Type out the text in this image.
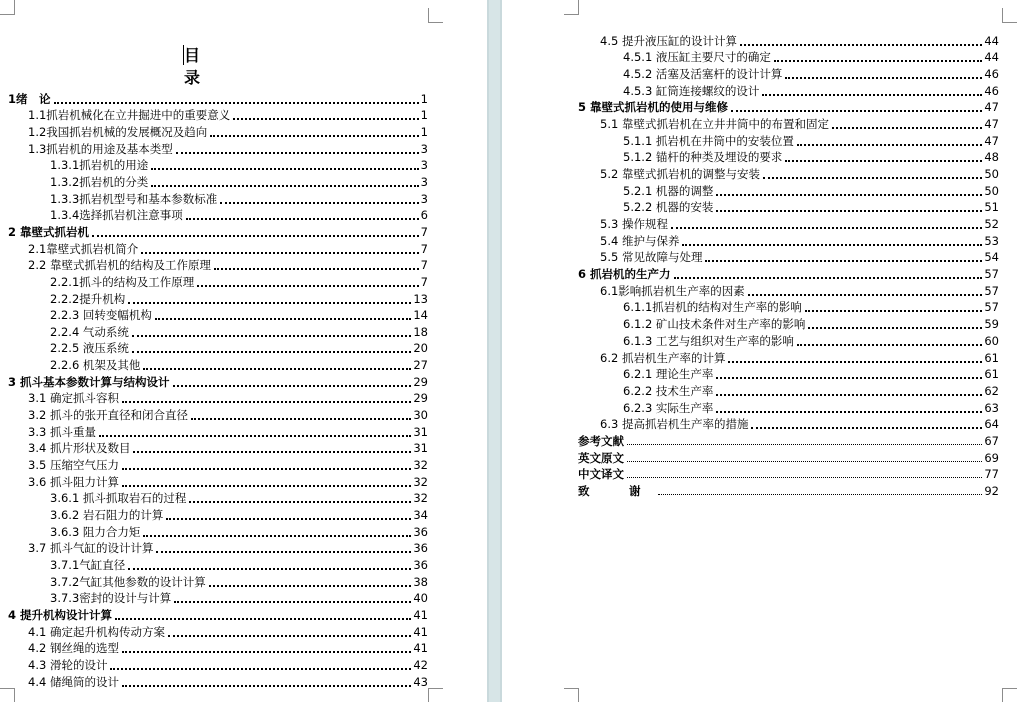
目　录
1绪　论	1
1.1抓岩机械化在立井掘进中的重要意义	1
1.2我国抓岩机械的发展概况及趋向	1
1.3抓岩机的用途及基本类型	3
1.3.1抓岩机的用途	3
1.3.2抓岩机的分类	3
1.3.3抓岩机型号和基本参数标准	3
1.3.4选择抓岩机注意事项	6
2 靠壁式抓岩机	7
2.1靠壁式抓岩机简介	7
2.2 靠壁式抓岩机的结构及工作原理	7
2.2.1抓斗的结构及工作原理	7
2.2.2提升机构	13
2.2.3 回转变幅机构	14
2.2.4 气动系统	18
2.2.5 液压系统	20
2.2.6 机架及其他	27
3 抓斗基本参数计算与结构设计	29
3.1 确定抓斗容积	29
3.2 抓斗的张开直径和闭合直径	30
3.3 抓斗重量	31
3.4 抓片形状及数目	31
3.5 压缩空气压力	32
3.6 抓斗阻力计算	32
3.6.1 抓斗抓取岩石的过程	32
3.6.2 岩石阻力的计算	34
3.6.3 阻力合力矩	36
3.7 抓斗气缸的设计计算	36
3.7.1气缸直径	36
3.7.2气缸其他参数的设计计算	38
3.7.3密封的设计与计算	40
4 提升机构设计计算	41
4.1 确定起升机构传动方案	41
4.2 钢丝绳的选型	41
4.3 滑轮的设计	42
4.4 储绳筒的设计	43
4.5 提升液压缸的设计计算	44
4.5.1 液压缸主要尺寸的确定	44
4.5.2 活塞及活塞杆的设计计算	46
4.5.3 缸筒连接螺纹的设计	46
5 靠壁式抓岩机的使用与维修	47
5.1 靠壁式抓岩机在立井井筒中的布置和固定	47
5.1.1 抓岩机在井筒中的安装位置	47
5.1.2 锚杆的种类及埋设的要求	48
5.2 靠壁式抓岩机的调整与安装	50
5.2.1 机器的调整	50
5.2.2 机器的安装	51
5.3 操作规程	52
5.4 维护与保养	53
5.5 常见故障与处理	54
6 抓岩机的生产力	57
6.1影响抓岩机生产率的因素	57
6.1.1抓岩机的结构对生产率的影响	57
6.1.2 矿山技术条件对生产率的影响	59
6.1.3 工艺与组织对生产率的影响	60
6.2 抓岩机生产率的计算	61
6.2.1 理论生产率	61
6.2.2 技术生产率	62
6.2.3 实际生产率	63
6.3 提高抓岩机生产率的措施	64
参考文献	67
英文原文	69
中文译文	77
致　谢	92
